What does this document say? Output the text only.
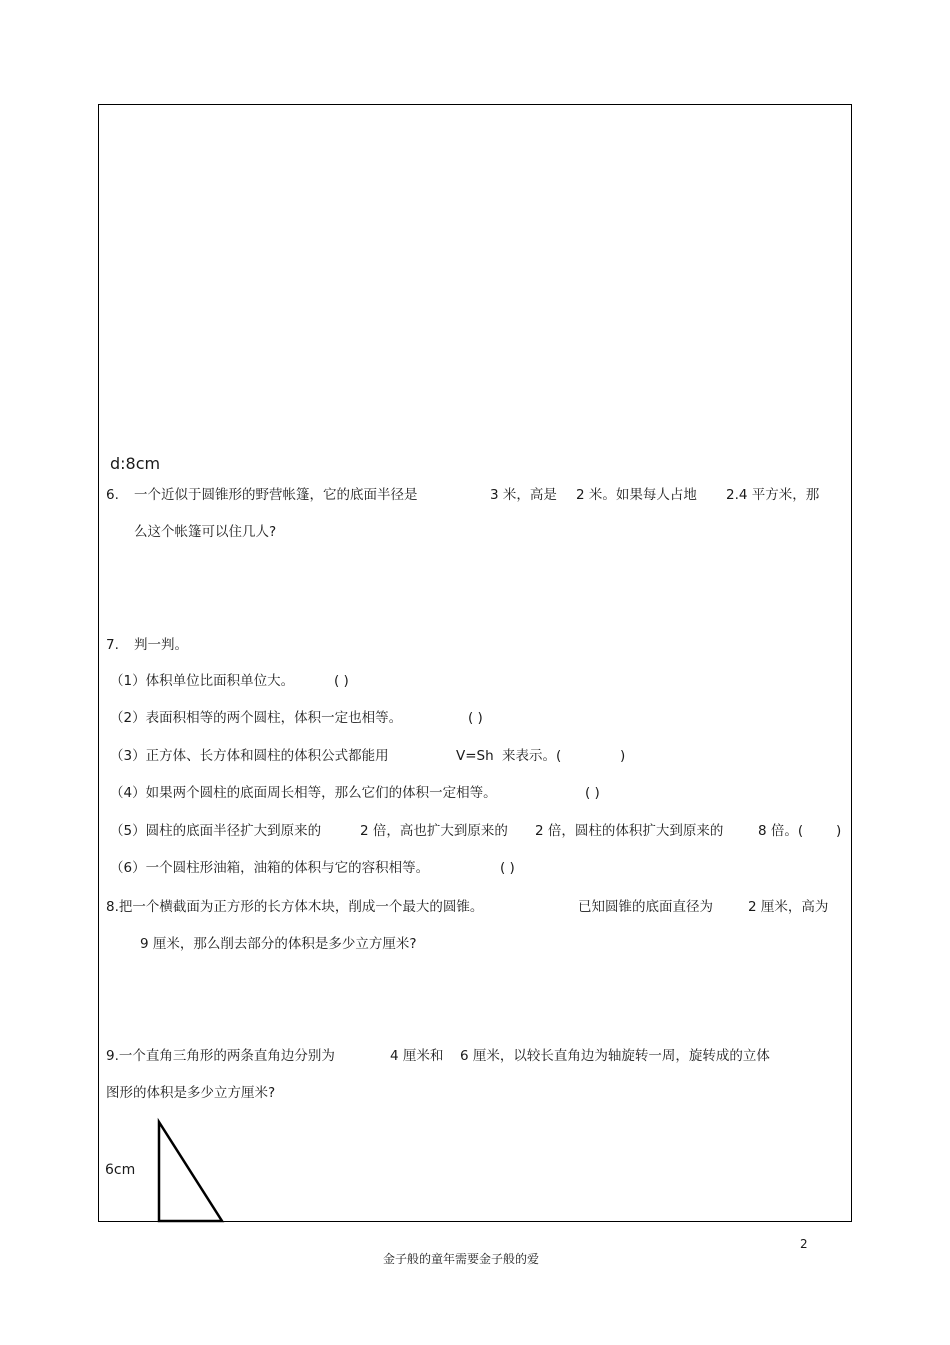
d:8cm
6. 一个近似于圆锥形的野营帐篷，它的底面半径是	3 米，高是 2 米。如果每人占地 2.4 平方米，那
么这个帐篷可以住几人?
7. 判一判。
（1）体积单位比面积单位大。	( )
（2）表面积相等的两个圆柱，体积一定也相等。	( )
（3）正方体、长方体和圆柱的体积公式都能用	V=Sh 来表示。(	)
（4）如果两个圆柱的底面周长相等，那么它们的体积一定相等。	( )
（5）圆柱的底面半径扩大到原来的	2 倍，高也扩大到原来的 2 倍，圆柱的体积扩大到原来的	8 倍。( )
（6）一个圆柱形油箱，油箱的体积与它的容积相等。	( )
8.把一个横截面为正方形的长方体木块，削成一个最大的圆锥。	已知圆锥的底面直径为	2 厘米，高为
9 厘米，那么削去部分的体积是多少立方厘米?
9.一个直角三角形的两条直角边分别为	4 厘米和 6 厘米，以较长直角边为轴旋转一周，旋转成的立体
图形的体积是多少立方厘米?
6cm
2
金子般的童年需要金子般的爱
